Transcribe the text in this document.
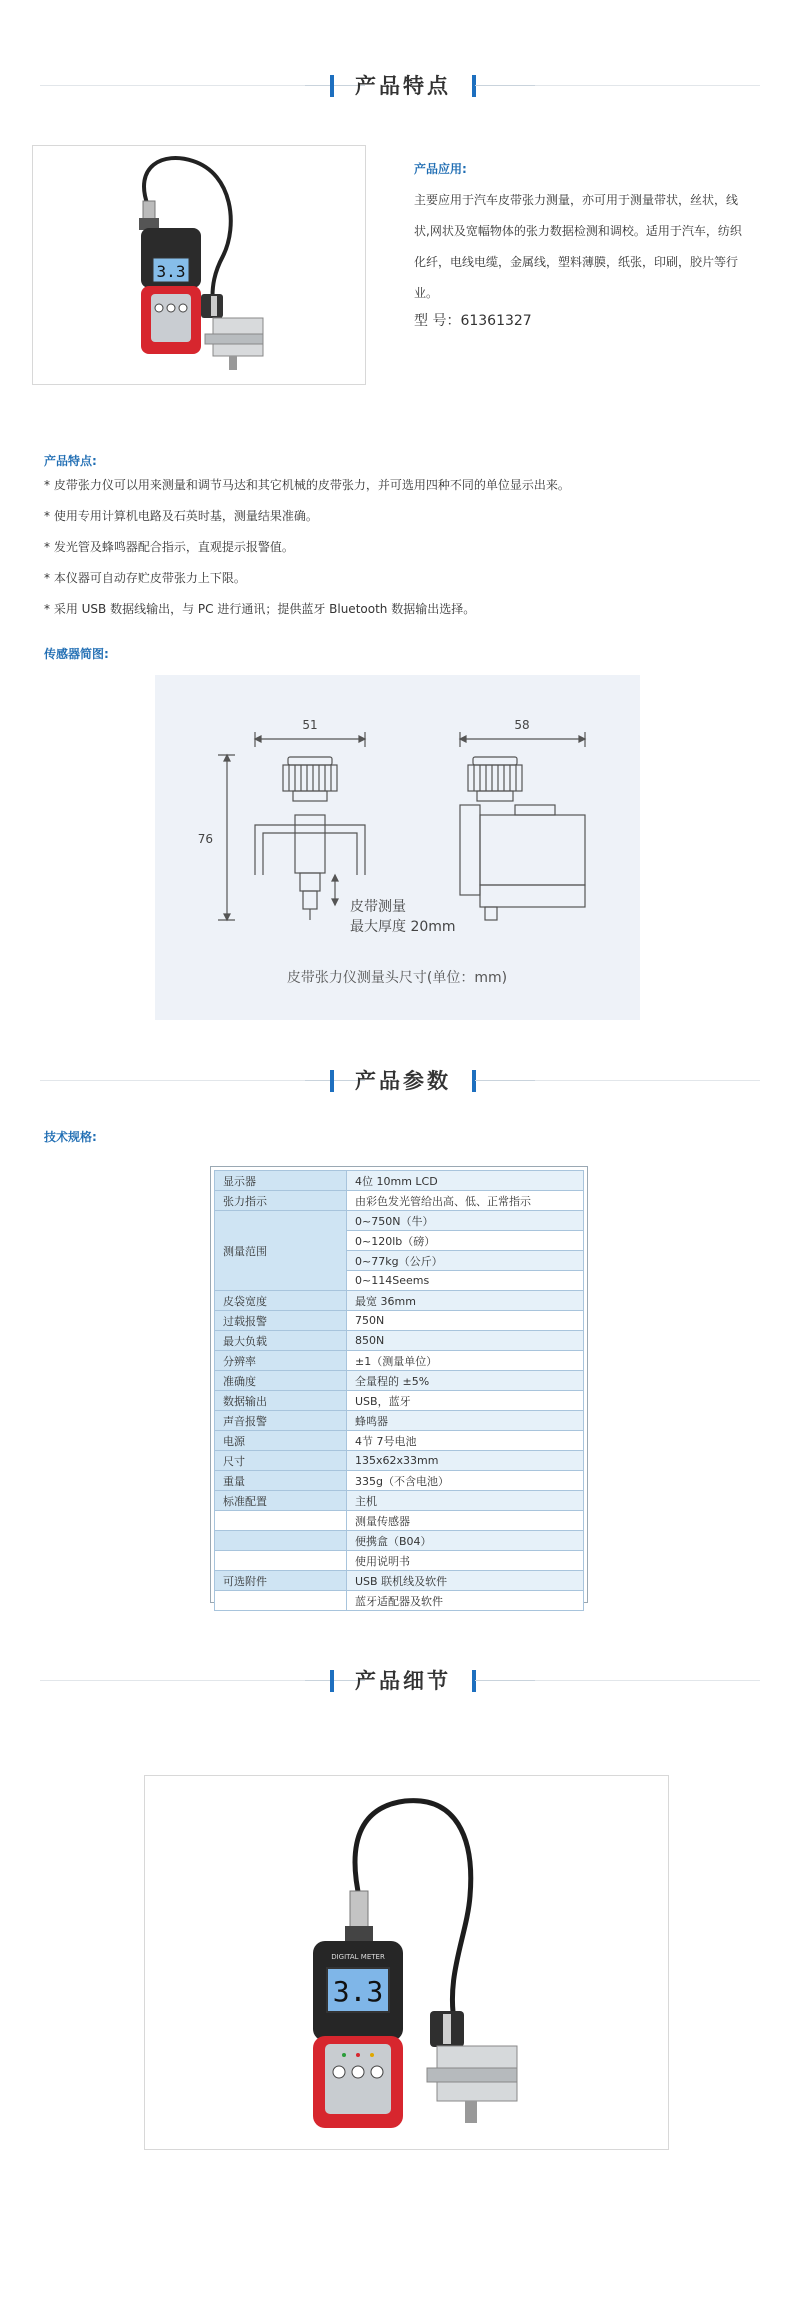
产品特点
3.3
产品应用:
主要应用于汽车皮带张力测量，亦可用于测量带状，丝状，线
状,网状及宽幅物体的张力数据检测和调校。适用于汽车，纺织
化纤，电线电缆，金属线，塑料薄膜，纸张，印刷，胶片等行
业。
型 号：61361327
产品特点:
* 皮带张力仪可以用来测量和调节马达和其它机械的皮带张力，并可选用四种不同的单位显示出来。
* 使用专用计算机电路及石英时基，测量结果准确。
* 发光管及蜂鸣器配合指示，直观提示报警值。
* 本仪器可自动存贮皮带张力上下限。
* 采用 USB 数据线输出，与 PC 进行通讯；提供蓝牙 Bluetooth 数据输出选择。
传感器简图:
51	58
76
皮带测量
最大厚度 20mm
皮带张力仪测量头尺寸(单位：mm)
产品参数
技术规格:
显示器	4位 10mm LCD
张力指示	由彩色发光管给出高、低、正常指示
测量范围	0~750N（牛）
	0~120lb（磅）
	0~77kg（公斤）
	0~114Seems
皮袋宽度	最宽 36mm
过载报警	750N
最大负载	850N
分辨率	±1（测量单位）
准确度	全量程的 ±5%
数据输出	USB，蓝牙
声音报警	蜂鸣器
电源	4节 7号电池
尺寸	135x62x33mm
重量	335g（不含电池）
标准配置	主机
	测量传感器
	便携盒（B04）
	使用说明书
可选附件	USB 联机线及软件
	蓝牙适配器及软件
产品细节
DIGITAL METER
3.3
